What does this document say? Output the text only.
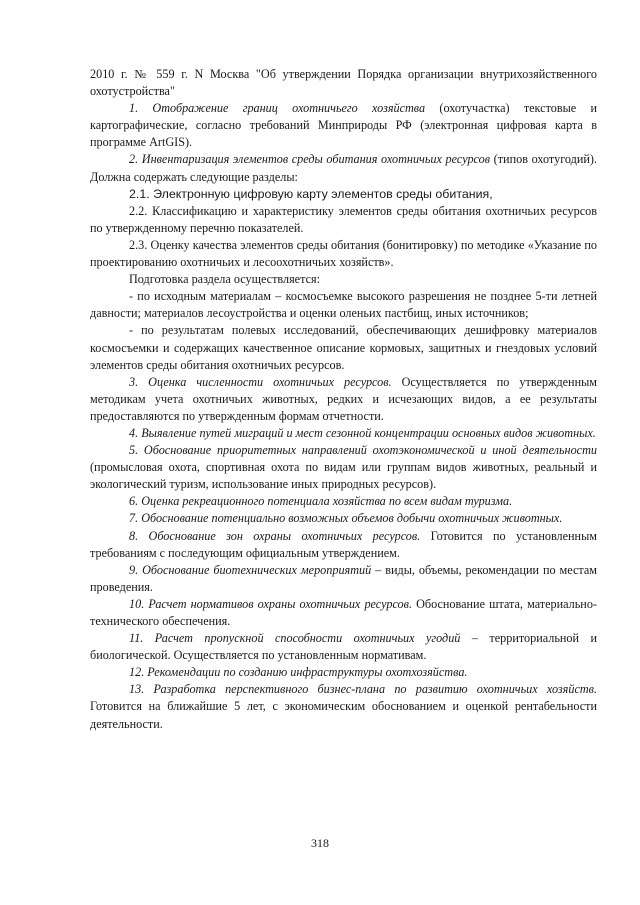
2010 г. № 559 г. N Москва "Об утверждении Порядка организации внутрихозяйственного охотустройства"

1. Отображение границ охотничьего хозяйства (охотучастка) текстовые и картографические, согласно требований Минприроды РФ (электронная цифровая карта в программе ArtGIS).

2. Инвентаризация элементов среды обитания охотничьих ресурсов (типов охотугодий). Должна содержать следующие разделы:

2.1. Электронную цифровую карту элементов среды обитания,

2.2. Классификацию и характеристику элементов среды обитания охотничьих ресурсов по утвержденному перечню показателей.

2.3. Оценку качества элементов среды обитания (бонитировку) по методике «Указание по проектированию охотничьих и лесоохотничьих хозяйств».

Подготовка раздела осуществляется:

- по исходным материалам – космосъемке высокого разрешения не позднее 5-ти летней давности; материалов лесоустройства и оценки оленьих пастбищ, иных источников;

- по результатам полевых исследований, обеспечивающих дешифровку материалов космосъемки и содержащих качественное описание кормовых, защитных и гнездовых условий элементов среды обитания охотничьих ресурсов.

3. Оценка численности охотничьих ресурсов. Осуществляется по утвержденным методикам учета охотничьих животных, редких и исчезающих видов, а ее результаты предоставляются по утвержденным формам отчетности.

4. Выявление путей миграций и мест сезонной концентрации основных видов животных.

5. Обоснование приоритетных направлений охотэкономической и иной деятельности (промысловая охота, спортивная охота по видам или группам видов животных, реальный и экологический туризм, использование иных природных ресурсов).

6. Оценка рекреационного потенциала хозяйства по всем видам туризма.

7. Обоснование потенциально возможных объемов добычи охотничьих животных.

8. Обоснование зон охраны охотничьих ресурсов. Готовится по установленным требованиям с последующим официальным утверждением.

9. Обоснование биотехнических мероприятий – виды, объемы, рекомендации по местам проведения.

10. Расчет нормативов охраны охотничьих ресурсов. Обоснование штата, материально-технического обеспечения.

11. Расчет пропускной способности охотничьих угодий – территориальной и биологической. Осуществляется по установленным нормативам.

12. Рекомендации по созданию инфраструктуры охотхозяйства.

13. Разработка перспективного бизнес-плана по развитию охотничьих хозяйств. Готовится на ближайшие 5 лет, с экономическим обоснованием и оценкой рентабельности деятельности.

318
